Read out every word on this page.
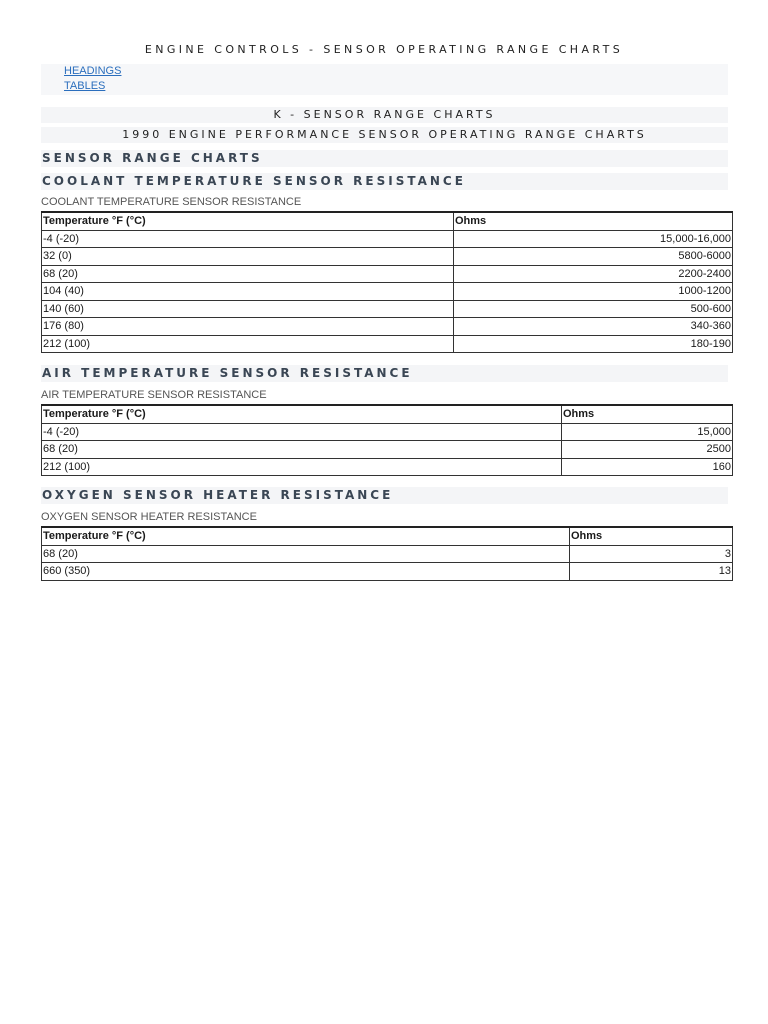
ENGINE CONTROLS - SENSOR OPERATING RANGE CHARTS
HEADINGS
TABLES
K - SENSOR RANGE CHARTS
1990 ENGINE PERFORMANCE SENSOR OPERATING RANGE CHARTS
SENSOR RANGE CHARTS
COOLANT TEMPERATURE SENSOR RESISTANCE
COOLANT TEMPERATURE SENSOR RESISTANCE
Temperature °F (°C)	Ohms
-4 (-20)	15,000-16,000
32 (0)	5800-6000
68 (20)	2200-2400
104 (40)	1000-1200
140 (60)	500-600
176 (80)	340-360
212 (100)	180-190
AIR TEMPERATURE SENSOR RESISTANCE
AIR TEMPERATURE SENSOR RESISTANCE
Temperature °F (°C)	Ohms
-4 (-20)	15,000
68 (20)	2500
212 (100)	160
OXYGEN SENSOR HEATER RESISTANCE
OXYGEN SENSOR HEATER RESISTANCE
Temperature °F (°C)	Ohms
68 (20)	3
660 (350)	13
